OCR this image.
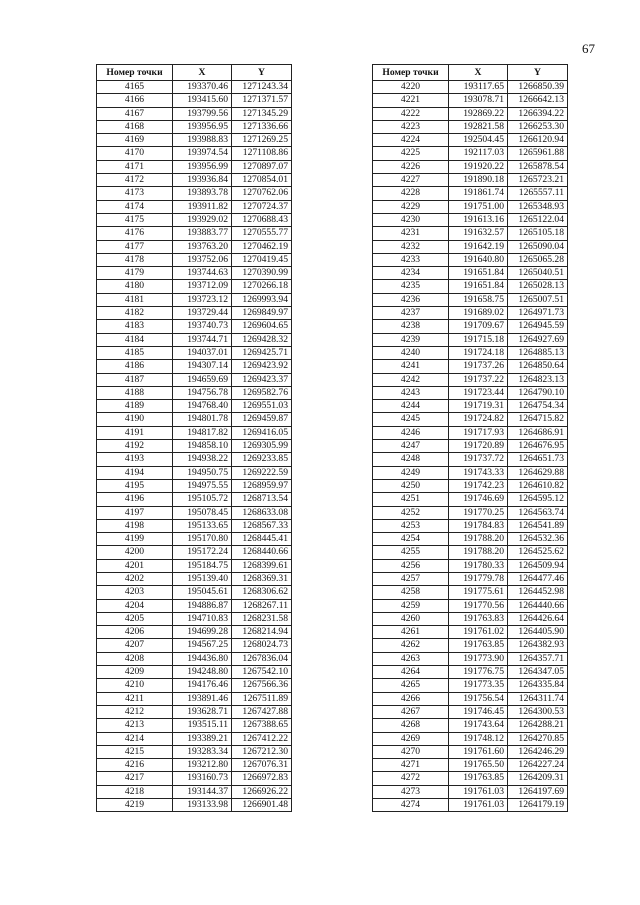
67
Номер точки	X	Y
4165	193370.46	1271243.34
4166	193415.60	1271371.57
4167	193799.56	1271345.29
4168	193956.95	1271336.66
4169	193988.83	1271269.25
4170	193974.54	1271108.86
4171	193956.99	1270897.07
4172	193936.84	1270854.01
4173	193893.78	1270762.06
4174	193911.82	1270724.37
4175	193929.02	1270688.43
4176	193883.77	1270555.77
4177	193763.20	1270462.19
4178	193752.06	1270419.45
4179	193744.63	1270390.99
4180	193712.09	1270266.18
4181	193723.12	1269993.94
4182	193729.44	1269849.97
4183	193740.73	1269604.65
4184	193744.71	1269428.32
4185	194037.01	1269425.71
4186	194307.14	1269423.92
4187	194659.69	1269423.37
4188	194756.78	1269582.76
4189	194768.40	1269551.03
4190	194801.78	1269459.87
4191	194817.82	1269416.05
4192	194858.10	1269305.99
4193	194938.22	1269233.85
4194	194950.75	1269222.59
4195	194975.55	1268959.97
4196	195105.72	1268713.54
4197	195078.45	1268633.08
4198	195133.65	1268567.33
4199	195170.80	1268445.41
4200	195172.24	1268440.66
4201	195184.75	1268399.61
4202	195139.40	1268369.31
4203	195045.61	1268306.62
4204	194886.87	1268267.11
4205	194710.83	1268231.58
4206	194699.28	1268214.94
4207	194567.25	1268024.73
4208	194436.80	1267836.04
4209	194248.80	1267542.10
4210	194176.46	1267566.36
4211	193891.46	1267511.89
4212	193628.71	1267427.88
4213	193515.11	1267388.65
4214	193389.21	1267412.22
4215	193283.34	1267212.30
4216	193212.80	1267076.31
4217	193160.73	1266972.83
4218	193144.37	1266926.22
4219	193133.98	1266901.48
Номер точки	X	Y
4220	193117.65	1266850.39
4221	193078.71	1266642.13
4222	192869.22	1266394.22
4223	192821.58	1266253.30
4224	192504.45	1266120.94
4225	192117.03	1265961.88
4226	191920.22	1265878.54
4227	191890.18	1265723.21
4228	191861.74	1265557.11
4229	191751.00	1265348.93
4230	191613.16	1265122.04
4231	191632.57	1265105.18
4232	191642.19	1265090.04
4233	191640.80	1265065.28
4234	191651.84	1265040.51
4235	191651.84	1265028.13
4236	191658.75	1265007.51
4237	191689.02	1264971.73
4238	191709.67	1264945.59
4239	191715.18	1264927.69
4240	191724.18	1264885.13
4241	191737.26	1264850.64
4242	191737.22	1264823.13
4243	191723.44	1264790.10
4244	191719.31	1264754.34
4245	191724.82	1264715.82
4246	191717.93	1264686.91
4247	191720.89	1264676.95
4248	191737.72	1264651.73
4249	191743.33	1264629.88
4250	191742.23	1264610.82
4251	191746.69	1264595.12
4252	191770.25	1264563.74
4253	191784.83	1264541.89
4254	191788.20	1264532.36
4255	191788.20	1264525.62
4256	191780.33	1264509.94
4257	191779.78	1264477.46
4258	191775.61	1264452.98
4259	191770.56	1264440.66
4260	191763.83	1264426.64
4261	191761.02	1264405.90
4262	191763.85	1264382.93
4263	191773.90	1264357.71
4264	191776.75	1264347.05
4265	191773.35	1264335.84
4266	191756.54	1264311.74
4267	191746.45	1264300.53
4268	191743.64	1264288.21
4269	191748.12	1264270.85
4270	191761.60	1264246.29
4271	191765.50	1264227.24
4272	191763.85	1264209.31
4273	191761.03	1264197.69
4274	191761.03	1264179.19
